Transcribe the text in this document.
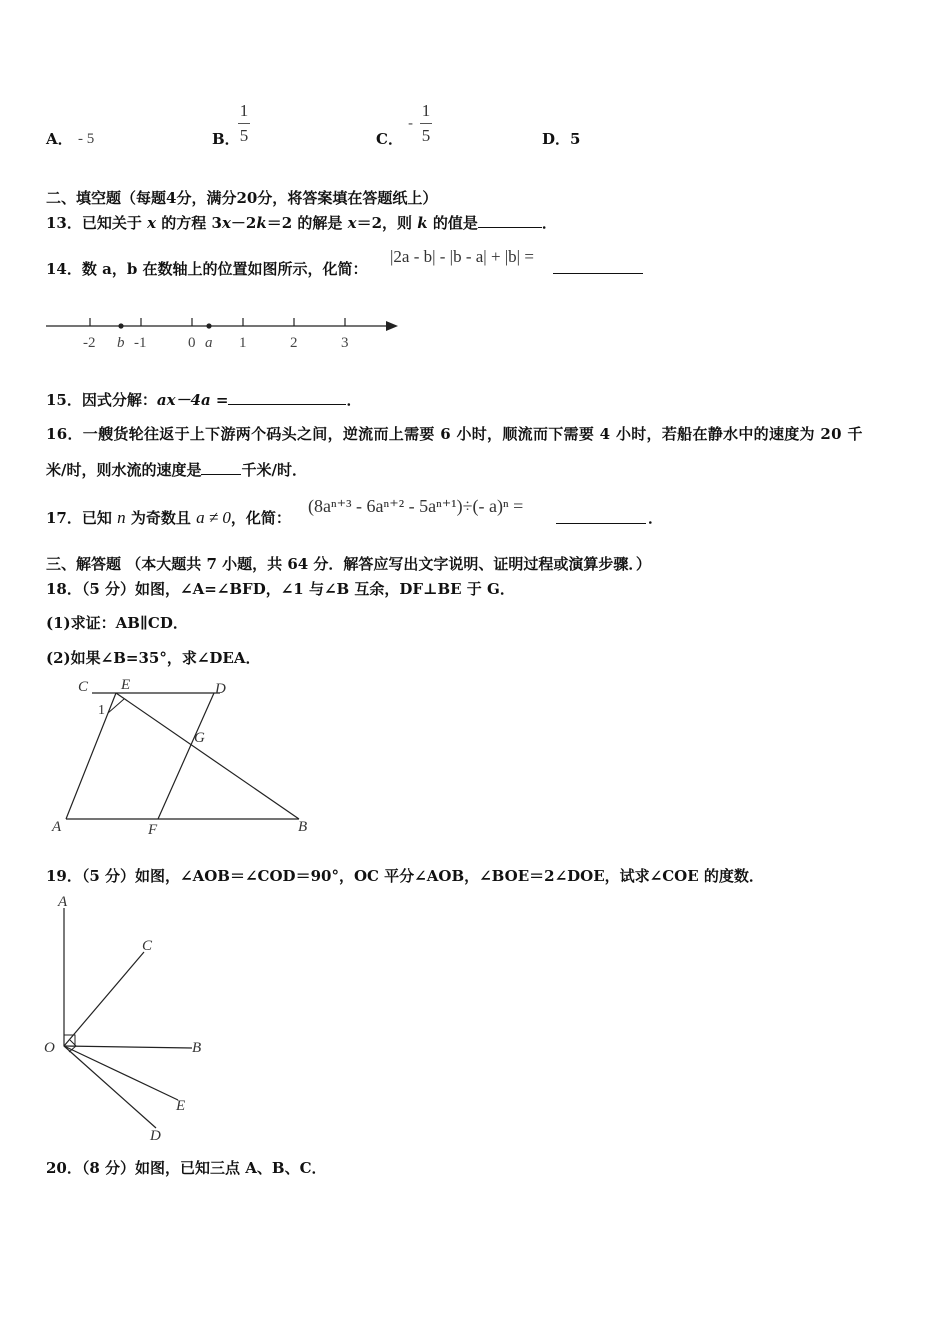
A． - 5	B．
1
5	C．
-
1
5	D．5
二、填空题（每题4分，满分20分，将答案填在答题纸上）
13．已知关于 x 的方程 3x－2k＝2 的解是 x＝2，则 k 的值是	．
14．数 a，b 在数轴上的位置如图所示，化简：
|2a - b| - |b - a| + |b| =
-2	-1	0	1	2	3
b	a
15．因式分解：ax－4a =	．
16．一艘货轮往返于上下游两个码头之间，逆流而上需要 6 小时，顺流而下需要 4 小时，若船在静水中的速度为 20 千
米/时，则水流的速度是	千米/时．
17．已知 n 为奇数且 a ≠ 0，化简：
(8aⁿ⁺³ - 6aⁿ⁺² - 5aⁿ⁺¹)÷(- a)ⁿ =
．
三、解答题 （本大题共 7 小题，共 64 分．解答应写出文字说明、证明过程或演算步骤．）
18．（5 分）如图，∠A=∠BFD，∠1 与∠B 互余，DF⊥BE 于 G．
(1)求证：AB∥CD．
(2)如果∠B=35°，求∠DEA．
C E	D
1
G
A	F	B
19．（5 分）如图，∠AOB＝∠COD＝90°，OC 平分∠AOB，∠BOE＝2∠DOE，试求∠COE 的度数．
A
C
O	B
E
D
20．（8 分）如图，已知三点 A、B、C．
